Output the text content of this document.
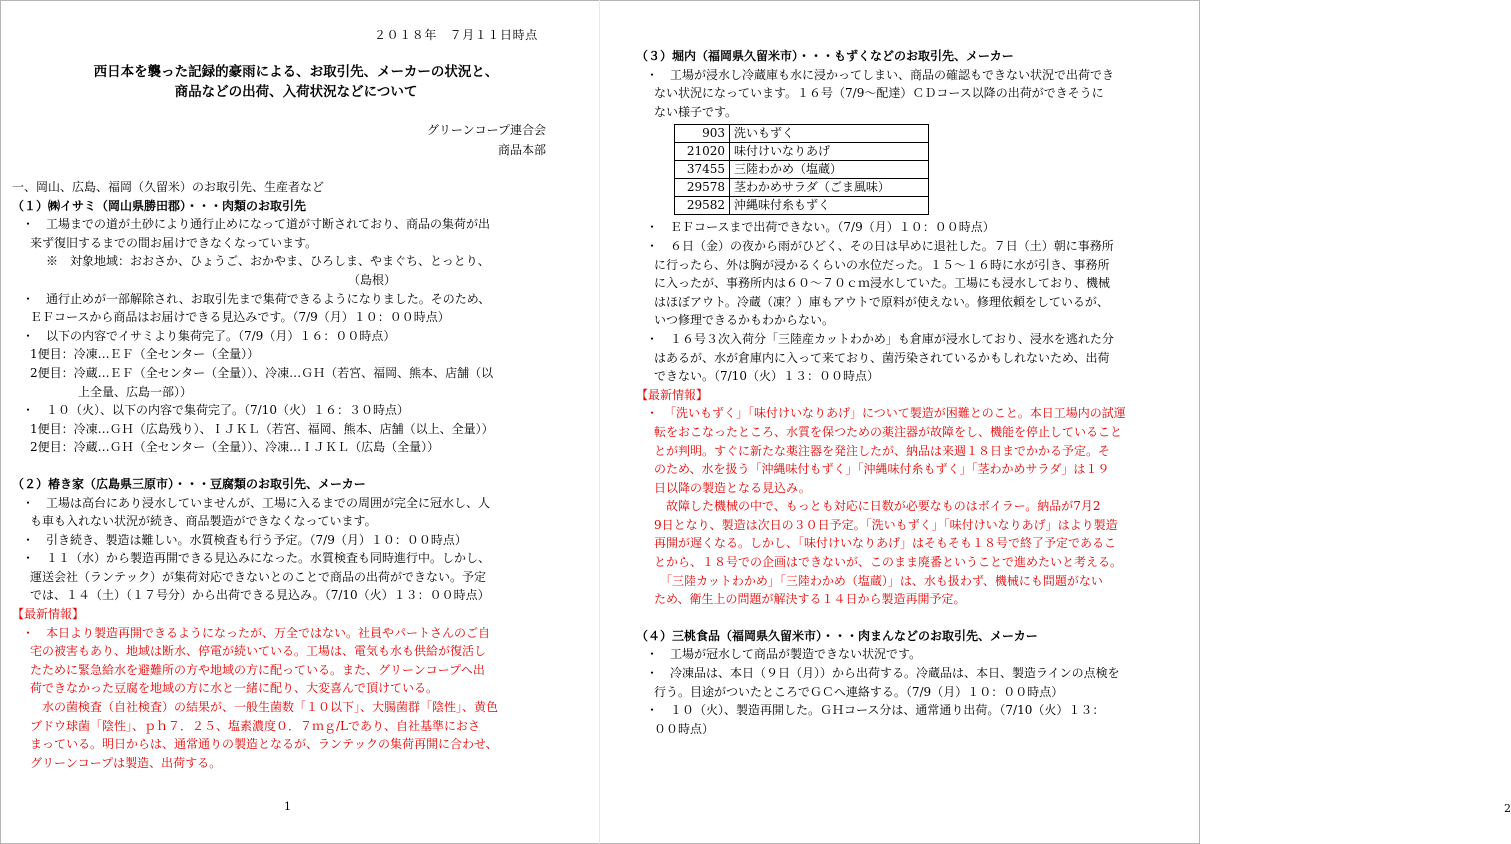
２０１８年　７月１１日時点
西日本を襲った記録的豪雨による、お取引先、メーカーの状況と、
商品などの出荷、入荷状況などについて
グリーンコープ連合会
商品本部
一、岡山、広島、福岡（久留米）のお取引先、生産者など
（１）㈱イサミ（岡山県勝田郡）・・・肉類のお取引先
・　工場までの道が土砂により通行止めになって道が寸断されており、商品の集荷が出
来ず復旧するまでの間お届けできなくなっています。
※　対象地域：おおさか、ひょうご、おかやま、ひろしま、やまぐち、とっとり、
　　　　　　　　　　　　　　　　　　　　　　　　　　　（島根）
・　通行止めが一部解除され、お取引先まで集荷できるようになりました。そのため、
ＥＦコースから商品はお届けできる見込みです。（7/9（月）１０：００時点）
・　以下の内容でイサミより集荷完了。（7/9（月）１６：００時点）
1便目：冷凍…ＥＦ（全センター（全量））
2便目：冷蔵…ＥＦ（全センター（全量））、冷凍…ＧＨ（若宮、福岡、熊本、店舗（以
　　　　上全量、広島一部））
・　１０（火）、以下の内容で集荷完了。（7/10（火）１６：３０時点）
1便目：冷凍…ＧＨ（広島残り）、ＩＪＫＬ（若宮、福岡、熊本、店舗（以上、全量））
2便目：冷蔵…ＧＨ（全センター（全量））、冷凍…ＩＪＫＬ（広島（全量））
（２）椿き家（広島県三原市）・・・豆腐類のお取引先、メーカー
・　工場は高台にあり浸水していませんが、工場に入るまでの周囲が完全に冠水し、人
も車も入れない状況が続き、商品製造ができなくなっています。
・　引き続き、製造は難しい。水質検査も行う予定。（7/9（月）１０：００時点）
・　１１（水）から製造再開できる見込みになった。水質検査も同時進行中。しかし、
運送会社（ランテック）が集荷対応できないとのことで商品の出荷ができない。予定
では、１４（土）（１７号分）から出荷できる見込み。（7/10（火）１３：００時点）
【最新情報】
・　本日より製造再開できるようになったが、万全ではない。社員やパートさんのご自
宅の被害もあり、地域は断水、停電が続いている。工場は、電気も水も供給が復活し
たために緊急給水を避難所の方や地域の方に配っている。また、グリーンコープへ出
荷できなかった豆腐を地域の方に水と一緒に配り、大変喜んで頂けている。
　水の菌検査（自社検査）の結果が、一般生菌数「１０以下」、大腸菌群「陰性」、黄色
ブドウ球菌「陰性」、ｐｈ７．２５、塩素濃度０．７ｍｇ/Lであり、自社基準におさ
まっている。明日からは、通常通りの製造となるが、ランテックの集荷再開に合わせ、
グリーンコープは製造、出荷する。
1
（３）堀内（福岡県久留米市）・・・もずくなどのお取引先、メーカー
・　工場が浸水し冷蔵庫も水に浸かってしまい、商品の確認もできない状況で出荷でき
ない状況になっています。１６号（7/9～配達）ＣＤコース以降の出荷ができそうに
ない様子です。
903	洗いもずく
21020	味付けいなりあげ
37455	三陸わかめ（塩蔵）
29578	茎わかめサラダ（ごま風味）
29582	沖縄味付糸もずく
・　ＥＦコースまで出荷できない。（7/9（月）１０：００時点）
・　６日（金）の夜から雨がひどく、その日は早めに退社した。７日（土）朝に事務所
に行ったら、外は胸が浸かるくらいの水位だった。１５～１６時に水が引き、事務所
に入ったが、事務所内は６０～７０ｃｍ浸水していた。工場にも浸水しており、機械
はほぼアウト。冷蔵（凍？）庫もアウトで原料が使えない。修理依頼をしているが、
いつ修理できるかもわからない。
・　１６号３次入荷分「三陸産カットわかめ」も倉庫が浸水しており、浸水を逃れた分
はあるが、水が倉庫内に入って来ており、菌汚染されているかもしれないため、出荷
できない。（7/10（火）１３：００時点）
【最新情報】
・　「洗いもずく」「味付けいなりあげ」について製造が困難とのこと。本日工場内の試運
転をおこなったところ、水質を保つための薬注器が故障をし、機能を停止していること
とが判明。すぐに新たな薬注器を発注したが、納品は来週１８日までかかる予定。そ
のため、水を扱う「沖縄味付もずく」「沖縄味付糸もずく」「茎わかめサラダ」は１９
日以降の製造となる見込み。
　故障した機械の中で、もっとも対応に日数が必要なものはボイラー。納品が7月2
9日となり、製造は次日の３０日予定。「洗いもずく」「味付けいなりあげ」はより製造
再開が遅くなる。しかし、「味付けいなりあげ」はそもそも１８号で終了予定であるこ
とから、１８号での企画はできないが、このまま廃番ということで進めたいと考える。
　「三陸カットわかめ」「三陸わかめ（塩蔵）」は、水も扱わず、機械にも問題がない
ため、衛生上の問題が解決する１４日から製造再開予定。
（４）三桃食品（福岡県久留米市）・・・肉まんなどのお取引先、メーカー
・　工場が冠水して商品が製造できない状況です。
・　冷凍品は、本日（９日（月））から出荷する。冷蔵品は、本日、製造ラインの点検を
行う。目途がついたところでＧＣへ連絡する。（7/9（月）１０：００時点）
・　１０（火）、製造再開した。ＧＨコース分は、通常通り出荷。（7/10（火）１３：
００時点）
2
